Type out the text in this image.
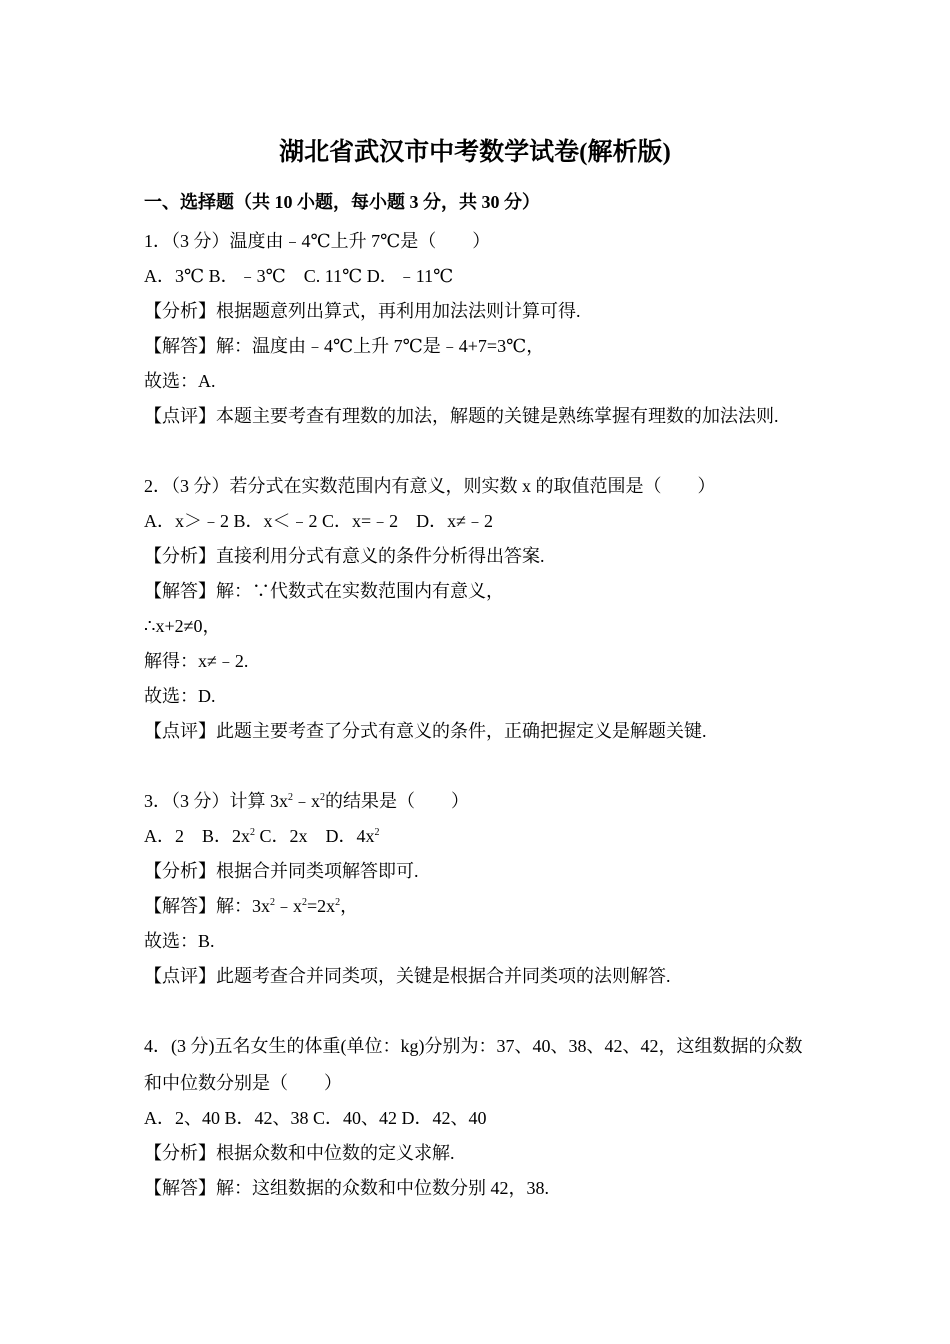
湖北省武汉市中考数学试卷(解析版)
一、选择题（共 10 小题，每小题 3 分，共 30 分）
1．（3 分）温度由﹣4℃上升 7℃是（　　）
A．3℃ B．﹣3℃　C. 11℃ D．﹣11℃
【分析】根据题意列出算式，再利用加法法则计算可得.
【解答】解：温度由﹣4℃上升 7℃是﹣4+7=3℃，
故选：A.
【点评】本题主要考查有理数的加法，解题的关键是熟练掌握有理数的加法法则.
2．（3 分）若分式在实数范围内有意义，则实数 x 的取值范围是（　　）
A．x＞﹣2 B．x＜﹣2 C．x=﹣2　D．x≠﹣2
【分析】直接利用分式有意义的条件分析得出答案.
【解答】解：∵代数式在实数范围内有意义，
∴x+2≠0，
解得：x≠﹣2.
故选：D.
【点评】此题主要考查了分式有意义的条件，正确把握定义是解题关键.
3．（3 分）计算 $3x^2﹣x^2$的结果是（　　）
A．2　B．$2x^2$ C．2x　D．$4x^2$
【分析】根据合并同类项解答即可.
【解答】解：$3x^2﹣x^2=2x^2$，
故选：B.
【点评】此题考查合并同类项，关键是根据合并同类项的法则解答.
4．(3 分)五名女生的体重(单位：kg)分别为：37、40、38、42、42，这组数据的众数
和中位数分别是（　　）
A．2、40 B．42、38 C．40、42 D．42、40
【分析】根据众数和中位数的定义求解.
【解答】解：这组数据的众数和中位数分别 42，38.
